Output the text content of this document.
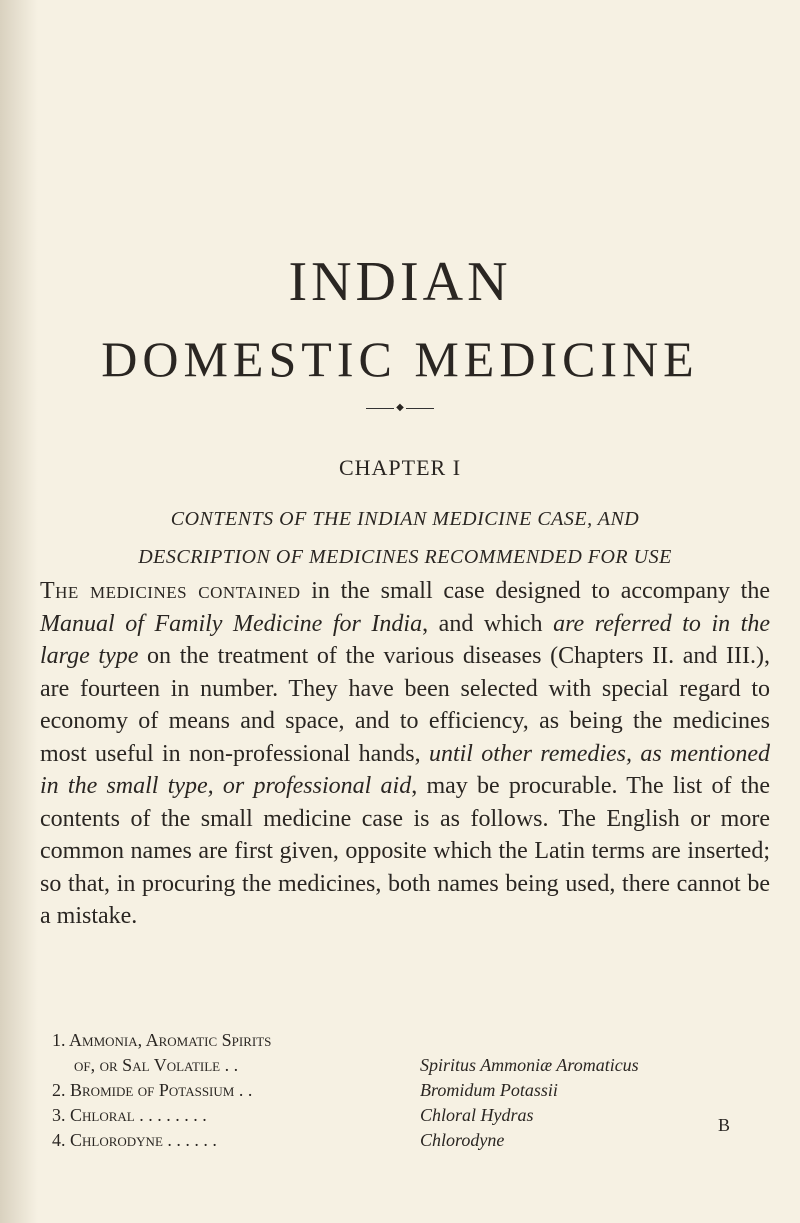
INDIAN
DOMESTIC MEDICINE
◆
CHAPTER I
CONTENTS OF THE INDIAN MEDICINE CASE, AND
DESCRIPTION OF MEDICINES RECOMMENDED FOR USE
The medicines contained in the small case designed to accompany the Manual of Family Medicine for India, and which are referred to in the large type on the treatment of the various diseases (Chapters II. and III.), are fourteen in number. They have been selected with special regard to economy of means and space, and to efficiency, as being the medicines most useful in non-professional hands, until other remedies, as mentioned in the small type, or professional aid, may be procurable. The list of the contents of the small medicine case is as follows. The English or more common names are first given, opposite which the Latin terms are inserted; so that, in procuring the medicines, both names being used, there cannot be a mistake.
1. Ammonia, Aromatic Spirits
of, or Sal Volatile . .	Spiritus Ammoniæ Aromaticus
2. Bromide of Potassium . .	Bromidum Potassii
3. Chloral . . . . . . . .	Chloral Hydras
4. Chlorodyne . . . . . .	Chlorodyne
B
